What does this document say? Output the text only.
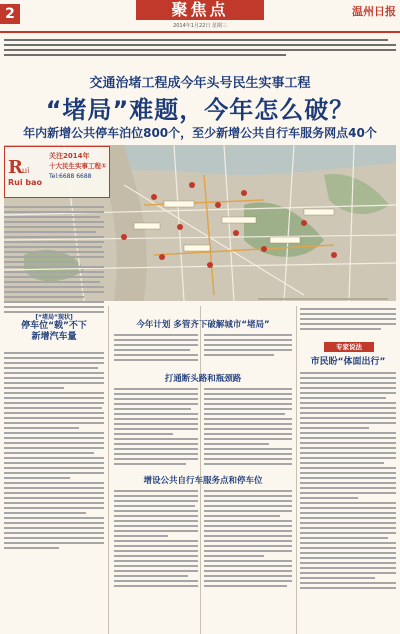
2	聚焦点	温州日报
2014年1月22日 星期三
交通治堵工程成今年头号民生实事工程
“堵局”难题，今年怎么破？
年内新增公共停车泊位800个，至少新增公共自行车服务网点40个
R ui
Rui bao
关注2014年
十大民生实事工程①
Tel:6688 6688
[“堵局”现状]
停车位“载”不下
新增汽车量
今年计划 多管齐下破解城市“堵局”
打通断头路和瓶颈路
增设公共自行车服务点和停车位
专家说法
市民盼“体面出行”
